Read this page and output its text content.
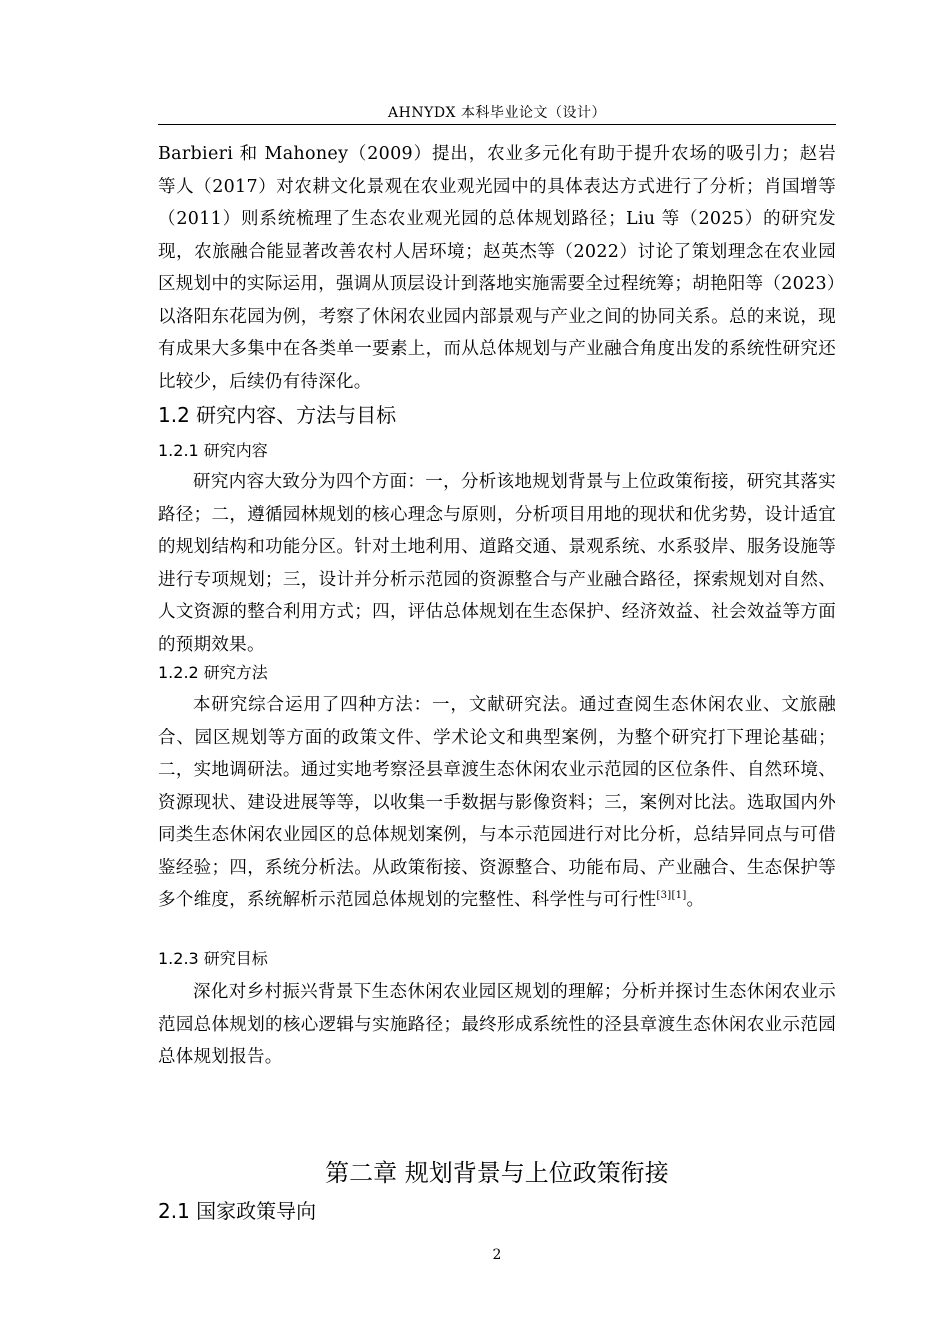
AHNYDX 本科毕业论文（设计）
Barbieri 和 Mahoney（2009）提出，农业多元化有助于提升农场的吸引力；赵岩等人（2017）对农耕文化景观在农业观光园中的具体表达方式进行了分析；肖国增等（2011）则系统梳理了生态农业观光园的总体规划路径；Liu 等（2025）的研究发现，农旅融合能显著改善农村人居环境；赵英杰等（2022）讨论了策划理念在农业园区规划中的实际运用，强调从顶层设计到落地实施需要全过程统筹；胡艳阳等（2023）以洛阳东花园为例，考察了休闲农业园内部景观与产业之间的协同关系。总的来说，现有成果大多集中在各类单一要素上，而从总体规划与产业融合角度出发的系统性研究还比较少，后续仍有待深化。
1.2 研究内容、方法与目标
1.2.1 研究内容
研究内容大致分为四个方面：一，分析该地规划背景与上位政策衔接，研究其落实路径；二，遵循园林规划的核心理念与原则，分析项目用地的现状和优劣势，设计适宜的规划结构和功能分区。针对土地利用、道路交通、景观系统、水系驳岸、服务设施等进行专项规划；三，设计并分析示范园的资源整合与产业融合路径，探索规划对自然、人文资源的整合利用方式；四，评估总体规划在生态保护、经济效益、社会效益等方面的预期效果。
1.2.2 研究方法
本研究综合运用了四种方法：一，文献研究法。通过查阅生态休闲农业、文旅融合、园区规划等方面的政策文件、学术论文和典型案例，为整个研究打下理论基础；二，实地调研法。通过实地考察泾县章渡生态休闲农业示范园的区位条件、自然环境、资源现状、建设进展等等，以收集一手数据与影像资料；三，案例对比法。选取国内外同类生态休闲农业园区的总体规划案例，与本示范园进行对比分析，总结异同点与可借鉴经验；四，系统分析法。从政策衔接、资源整合、功能布局、产业融合、生态保护等多个维度，系统解析示范园总体规划的完整性、科学性与可行性[3][1]。
1.2.3 研究目标
深化对乡村振兴背景下生态休闲农业园区规划的理解；分析并探讨生态休闲农业示范园总体规划的核心逻辑与实施路径；最终形成系统性的泾县章渡生态休闲农业示范园总体规划报告。
第二章 规划背景与上位政策衔接
2.1 国家政策导向
2
